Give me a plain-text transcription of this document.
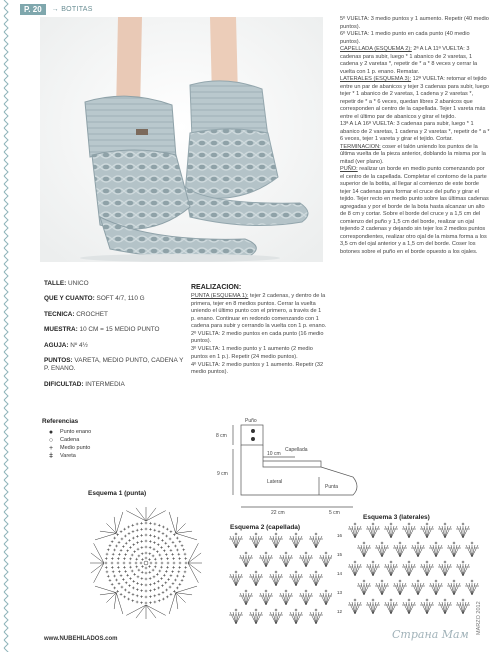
P. 20	→ BOTITAS
TALLE: UNICO
QUE Y CUANTO: SOFT 4/7, 110 G
TECNICA: CROCHET
MUESTRA: 10 CM = 15 MEDIO PUNTO
AGUJA: Nº 4½
PUNTOS: VARETA, MEDIO PUNTO, CADENA Y P. ENANO.
DIFICULTAD: INTERMEDIA
REALIZACION:

PUNTA (ESQUEMA 1): tejer 2 cadenas, y dentro de la primera, tejer en 8 medios puntos. Cerrar la vuelta uniendo el último punto con el primero, a través de 1 p. enano. Continuar en redondo comenzando con 1 cadena para subir y cerrando la vuelta con 1 p. enano.

2º VUELTA: 2 medio puntos en cada punto (16 medio puntos).

3º VUELTA: 1 medio punto y 1 aumento (2 medio puntos en 1 p.). Repetir (24 medio puntos).

4º VUELTA: 2 medio puntos y 1 aumento. Repetir (32 medio puntos).

5º VUELTA: 3 medio puntos y 1 aumento. Repetir (40 medio puntos).

6º VUELTA: 1 medio punto en cada punto (40 medio puntos).

CAPELLADA (ESQUEMA 2): 2ª A LA 11ª VUELTA: 3 cadenas para subir, luego * 1 abanico de 2 varetas, 1 cadena y 2 varetas *, repetir de * a * 8 veces y cerrar la vuelta con 1 p. enano. Rematar.

LATERALES (ESQUEMA 3): 12ª VUELTA: retomar el tejido entre un par de abanicos y tejer 3 cadenas para subir, luego tejer * 1 abanico de 2 varetas, 1 cadena y 2 varetas *, repetir de * a * 6 veces, quedan libres 2 abanicos que corresponden al centro de la capellada. Tejer 1 vareta más entre el último par de abanicos y girar el tejido.

13ª A LA 16ª VUELTA: 3 cadenas para subir, luego * 1 abanico de 2 varetas, 1 cadena y 2 varetas *, repetir de * a * 6 veces, tejer 1 vareta y girar el tejido. Cortar.

TERMINACION: coser el talón uniendo los puntos de la última vuelta de la pieza anterior, doblando la misma por la mitad (ver plano).

PUÑO: realizar un borde en medio punto comenzando por el centro de la capellada. Completar el contorno de la parte superior de la botita, al llegar al comienzo de este borde tejer 14 cadenas para formar el cruce del puño y girar el tejido. Tejer recto en medio punto sobre las últimas cadenas agregadas y por el borde de la bota hasta alcanzar un alto de 8 cm y cortar. Sobre el borde del cruce y a 1,5 cm del comienzo del puño y 1,5 cm del borde, realizar un ojal tejiendo 2 cadenas y dejando sin tejer los 2 medios puntos correspondientes, realizar otro ojal de la misma forma a los 3,5 cm del ojal anterior y a 1,5 cm del borde. Coser los botones sobre el puño en el borde opuesto a los ojales.

Referencias
●	Punto enano
○	Cadena
+	Medio punto
ǂ	Vareta
Puño
Capellada
Lateral
Punta
8 cm
9 cm
10 cm
22 cm	5 cm
Esquema 1 (punta)
Esquema 2 (capellada)
Esquema 3 (laterales)
16
15
14
13
12
www.NUBEHILADOS.com
MARZO 2012
Страна Мам
